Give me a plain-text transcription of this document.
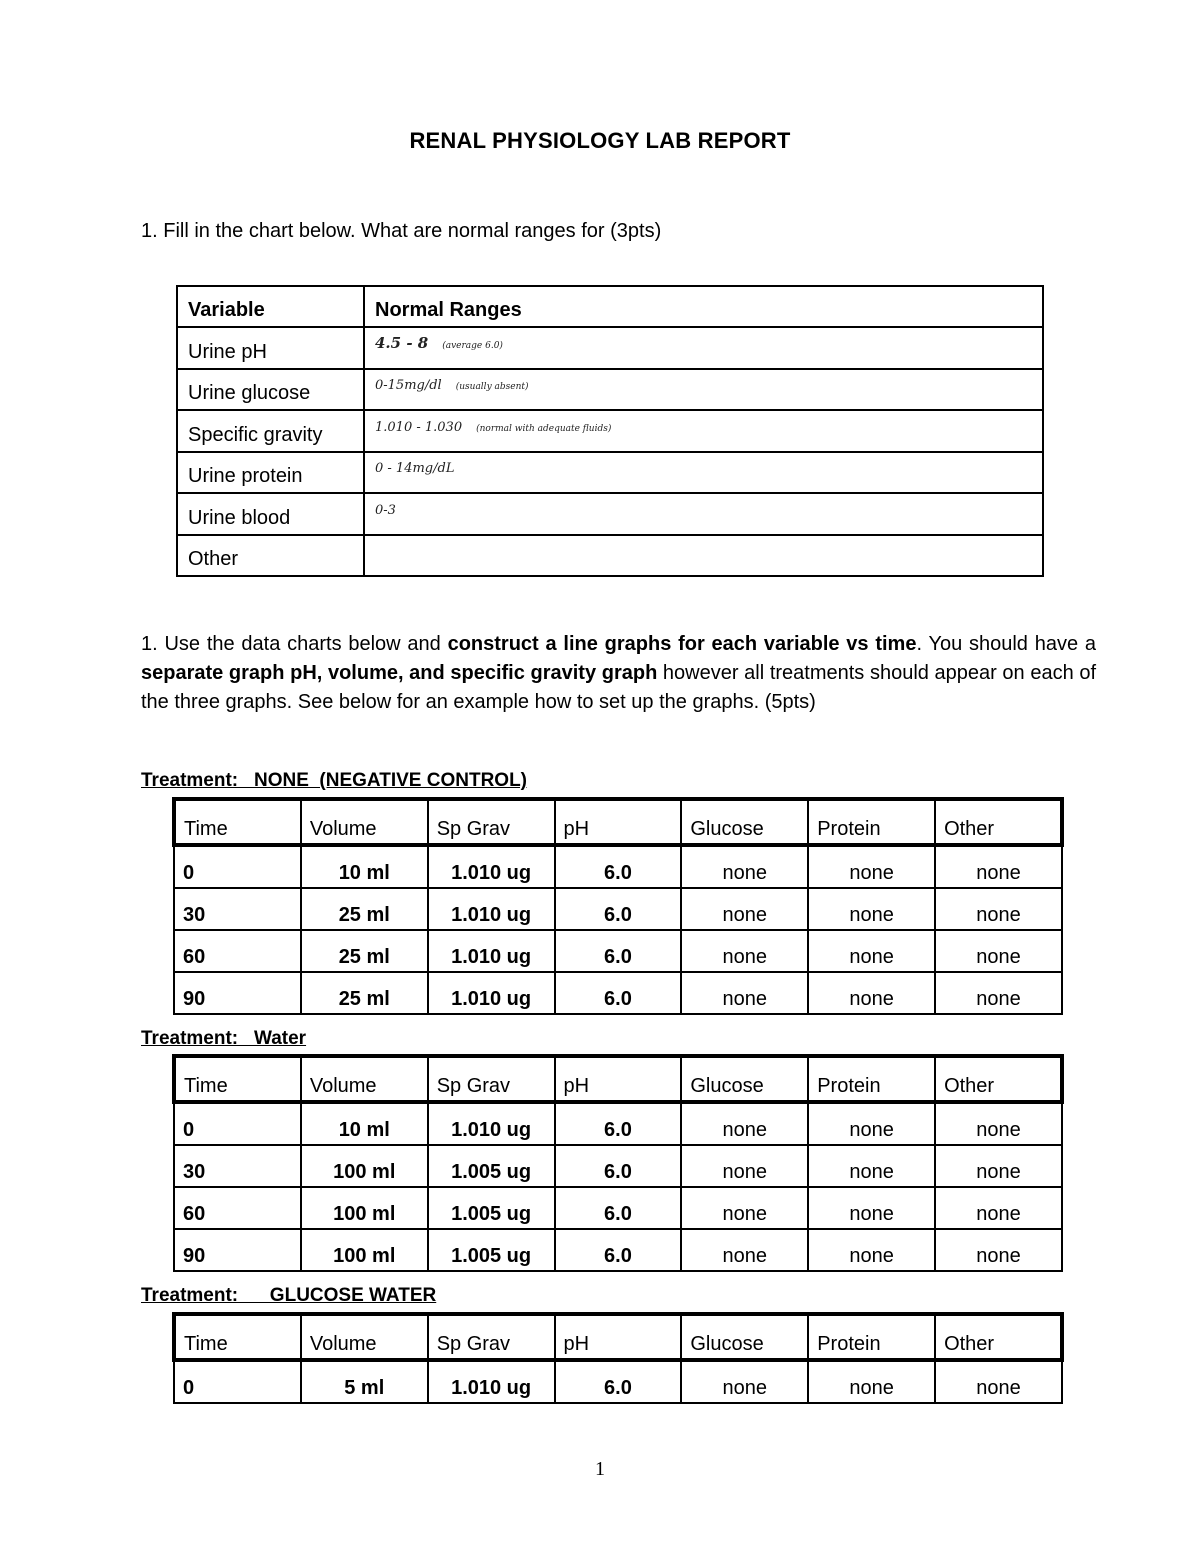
RENAL PHYSIOLOGY LAB REPORT
1. Fill in the chart below. What are normal ranges for (3pts)
Variable	Normal Ranges
Urine pH	4.5 - 8 (average 6.0)
Urine glucose	0-15mg/dl (usually absent)
Specific gravity	1.010 - 1.030 (normal with adequate fluids)
Urine protein	0 - 14mg/dL
Urine blood	0-3
Other	
1. Use the data charts below and construct a line graphs for each variable vs time. You should have a separate graph pH, volume, and specific gravity graph however all treatments should appear on each of the three graphs. See below for an example how to set up the graphs. (5pts)
Treatment:   NONE  (NEGATIVE CONTROL)
Time	Volume	Sp Grav	pH	Glucose	Protein	Other
0	10 ml	1.010 ug	6.0	none	none	none
30	25 ml	1.010 ug	6.0	none	none	none
60	25 ml	1.010 ug	6.0	none	none	none
90	25 ml	1.010 ug	6.0	none	none	none
Treatment:   Water
Time	Volume	Sp Grav	pH	Glucose	Protein	Other
0	10 ml	1.010 ug	6.0	none	none	none
30	100 ml	1.005 ug	6.0	none	none	none
60	100 ml	1.005 ug	6.0	none	none	none
90	100 ml	1.005 ug	6.0	none	none	none
Treatment:      GLUCOSE WATER
Time	Volume	Sp Grav	pH	Glucose	Protein	Other
0	5 ml	1.010 ug	6.0	none	none	none
1
